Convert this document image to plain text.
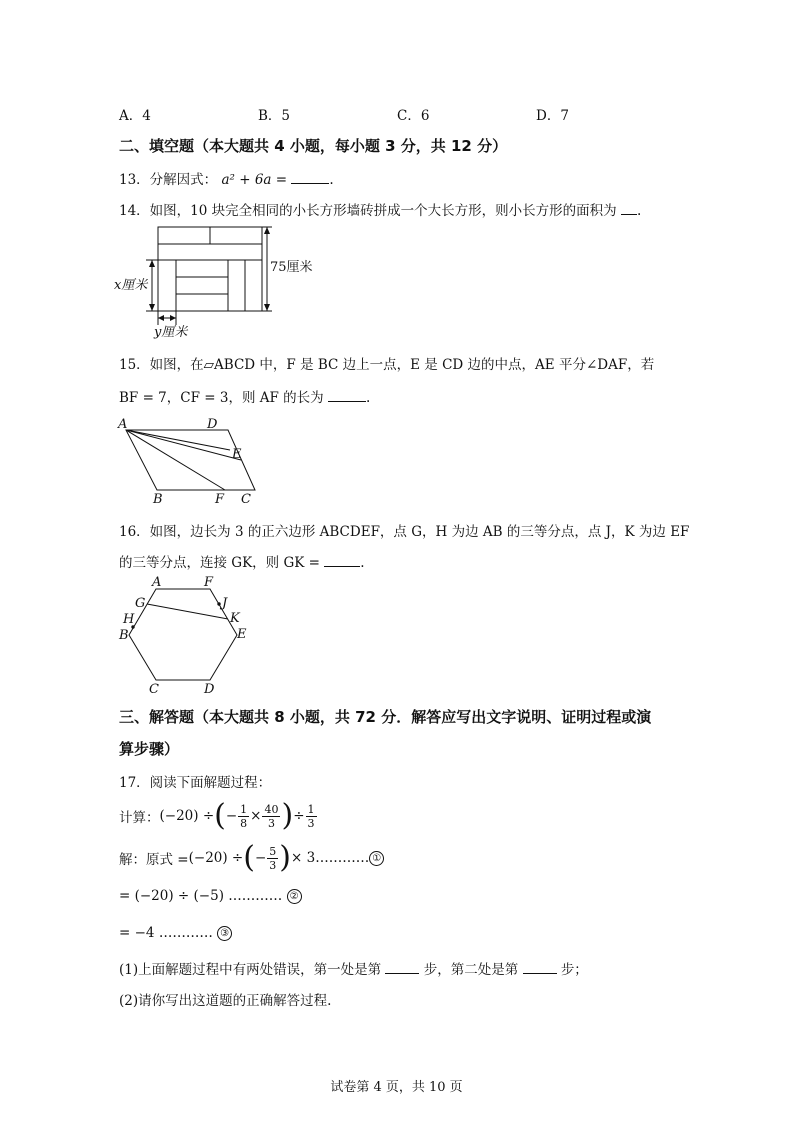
A．4	B．5	C．6	D．7
二、填空题（本大题共 4 小题，每小题 3 分，共 12 分）
13．分解因式： a² + 6a =	.
14．如图，10 块完全相同的小长方形墙砖拼成一个大长方形，则小长方形的面积为 .
75厘米
x厘米
y厘米
15．如图，在▱ABCD 中，F 是 BC 边上一点，E 是 CD 边的中点，AE 平分∠DAF，若
BF = 7，CF = 3，则 AF 的长为	.
A	D
E
B	F C
16．如图，边长为 3 的正六边形 ABCDEF，点 G，H 为边 AB 的三等分点，点 J，K 为边 EF
的三等分点，连接 GK，则 GK =	.
A	F
G	J
H	K
B	E
C	D
三、解答题（本大题共 8 小题，共 72 分．解答应写出文字说明、证明过程或演
算步骤）
17．阅读下面解题过程：
计算： (−20) ÷ ( − $\frac{1}{8} \times \frac{40}{3}$ ) ÷ $\frac{1}{3}$
解：原式 = (−20) ÷ ( − $\frac{5}{3}$ ) × 3 ………… ①
= (−20) ÷ (−5) ………… ②
= −4 ………… ③
(1)上面解题过程中有两处错误，第一处是第	步，第二处是第	步；
(2)请你写出这道题的正确解答过程.
试卷第 4 页，共 10 页
